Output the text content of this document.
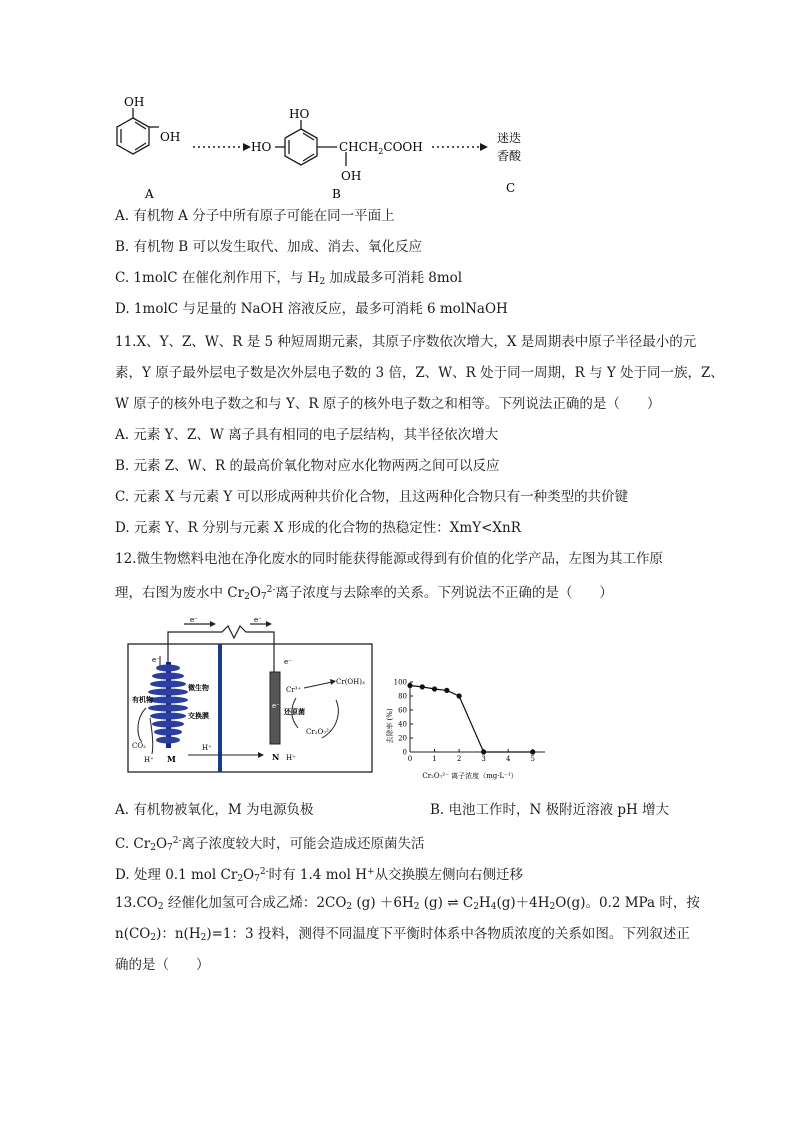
OH
OH
A
HO
HO	$CHCH_2COOH$
OH
B
迷迭
香酸
C
A. 有机物 A 分子中所有原子可能在同一平面上
B. 有机物 B 可以发生取代、加成、消去、氧化反应
C. 1molC 在催化剂作用下，与 $H_2$ 加成最多可消耗 8mol
D. 1molC 与足量的 NaOH 溶液反应，最多可消耗 6 molNaOH
11.X、Y、Z、W、R 是 5 种短周期元素，其原子序数依次增大，X 是周期表中原子半径最小的元
素，Y 原子最外层电子数是次外层电子数的 3 倍，Z、W、R 处于同一周期，R 与 Y 处于同一族，Z、
W 原子的核外电子数之和与 Y、R 原子的核外电子数之和相等。下列说法正确的是（　　）
A. 元素 Y、Z、W 离子具有相同的电子层结构，其半径依次增大
B. 元素 Z、W、R 的最高价氧化物对应水化物两两之间可以反应
C. 元素 X 与元素 Y 可以形成两种共价化合物，且这两种化合物只有一种类型的共价键
D. 元素 Y、R 分别与元素 X 形成的化合物的热稳定性：XmY<XnR
12.微生物燃料电池在净化废水的同时能获得能源或得到有价值的化学产品，左图为其工作原
理，右图为废水中 $Cr_2O_7^{2-}$离子浓度与去除率的关系。下列说法不正确的是（　　）
e⁻	e⁻
e⁻
有机物
CO₂
H⁺ M
微生物
交换膜
H⁺
e⁻
e⁻
Cr³⁺
Cr(OH)₃
还原菌
Cr₂O₇²⁻
N H⁺
0
20
40
60
80
100
0	1	2	3	4	5
去除率 (%)
Cr₂O₇²⁻ 离子浓度（mg·L⁻¹）
A. 有机物被氧化，M 为电源负极	B. 电池工作时，N 极附近溶液 pH 增大
C. $Cr_2O_7^{2-}$离子浓度较大时，可能会造成还原菌失活
D. 处理 0.1 mol $Cr_2O_7^{2-}$时有 1.4 mol H+从交换膜左侧向右侧迁移
$13.CO_2$ 经催化加氢可合成乙烯：$2CO_2$ $(g) +6H_2$ (g) ⇌ $C_2H_4(g)+4H_2O(g)$。0.2 MPa 时，按
$n(CO_2)$：$n(H_2)=1$：3 投料，测得不同温度下平衡时体系中各物质浓度的关系如图。下列叙述正
确的是（　　）
